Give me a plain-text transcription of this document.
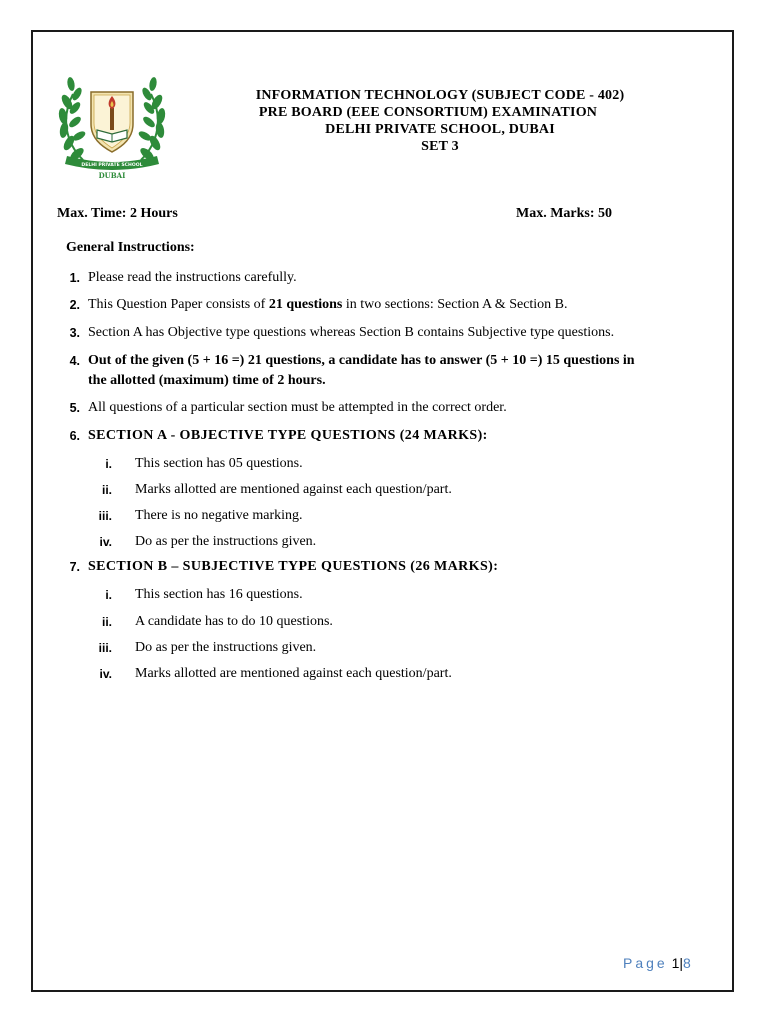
DELHI PRIVATE SCHOOL
DUBAI
INFORMATION TECHNOLOGY (SUBJECT CODE - 402)
PRE BOARD (EEE CONSORTIUM) EXAMINATION
DELHI PRIVATE SCHOOL, DUBAI
SET 3
Max. Time: 2 Hours	Max. Marks: 50
General Instructions:
1. Please read the instructions carefully.
2. This Question Paper consists of 21 questions in two sections: Section A & Section B.
3. Section A has Objective type questions whereas Section B contains Subjective type questions.
4. Out of the given (5 + 16 =) 21 questions, a candidate has to answer (5 + 10 =) 15 questions in
the allotted (maximum) time of 2 hours.
5. All questions of a particular section must be attempted in the correct order.
6. SECTION A - OBJECTIVE TYPE QUESTIONS (24 MARKS):
i. This section has 05 questions.
ii. Marks allotted are mentioned against each question/part.
iii. There is no negative marking.
iv. Do as per the instructions given.
7. SECTION B – SUBJECTIVE TYPE QUESTIONS (26 MARKS):
i. This section has 16 questions.
ii. A candidate has to do 10 questions.
iii. Do as per the instructions given.
iv. Marks allotted are mentioned against each question/part.
Page 1|8
